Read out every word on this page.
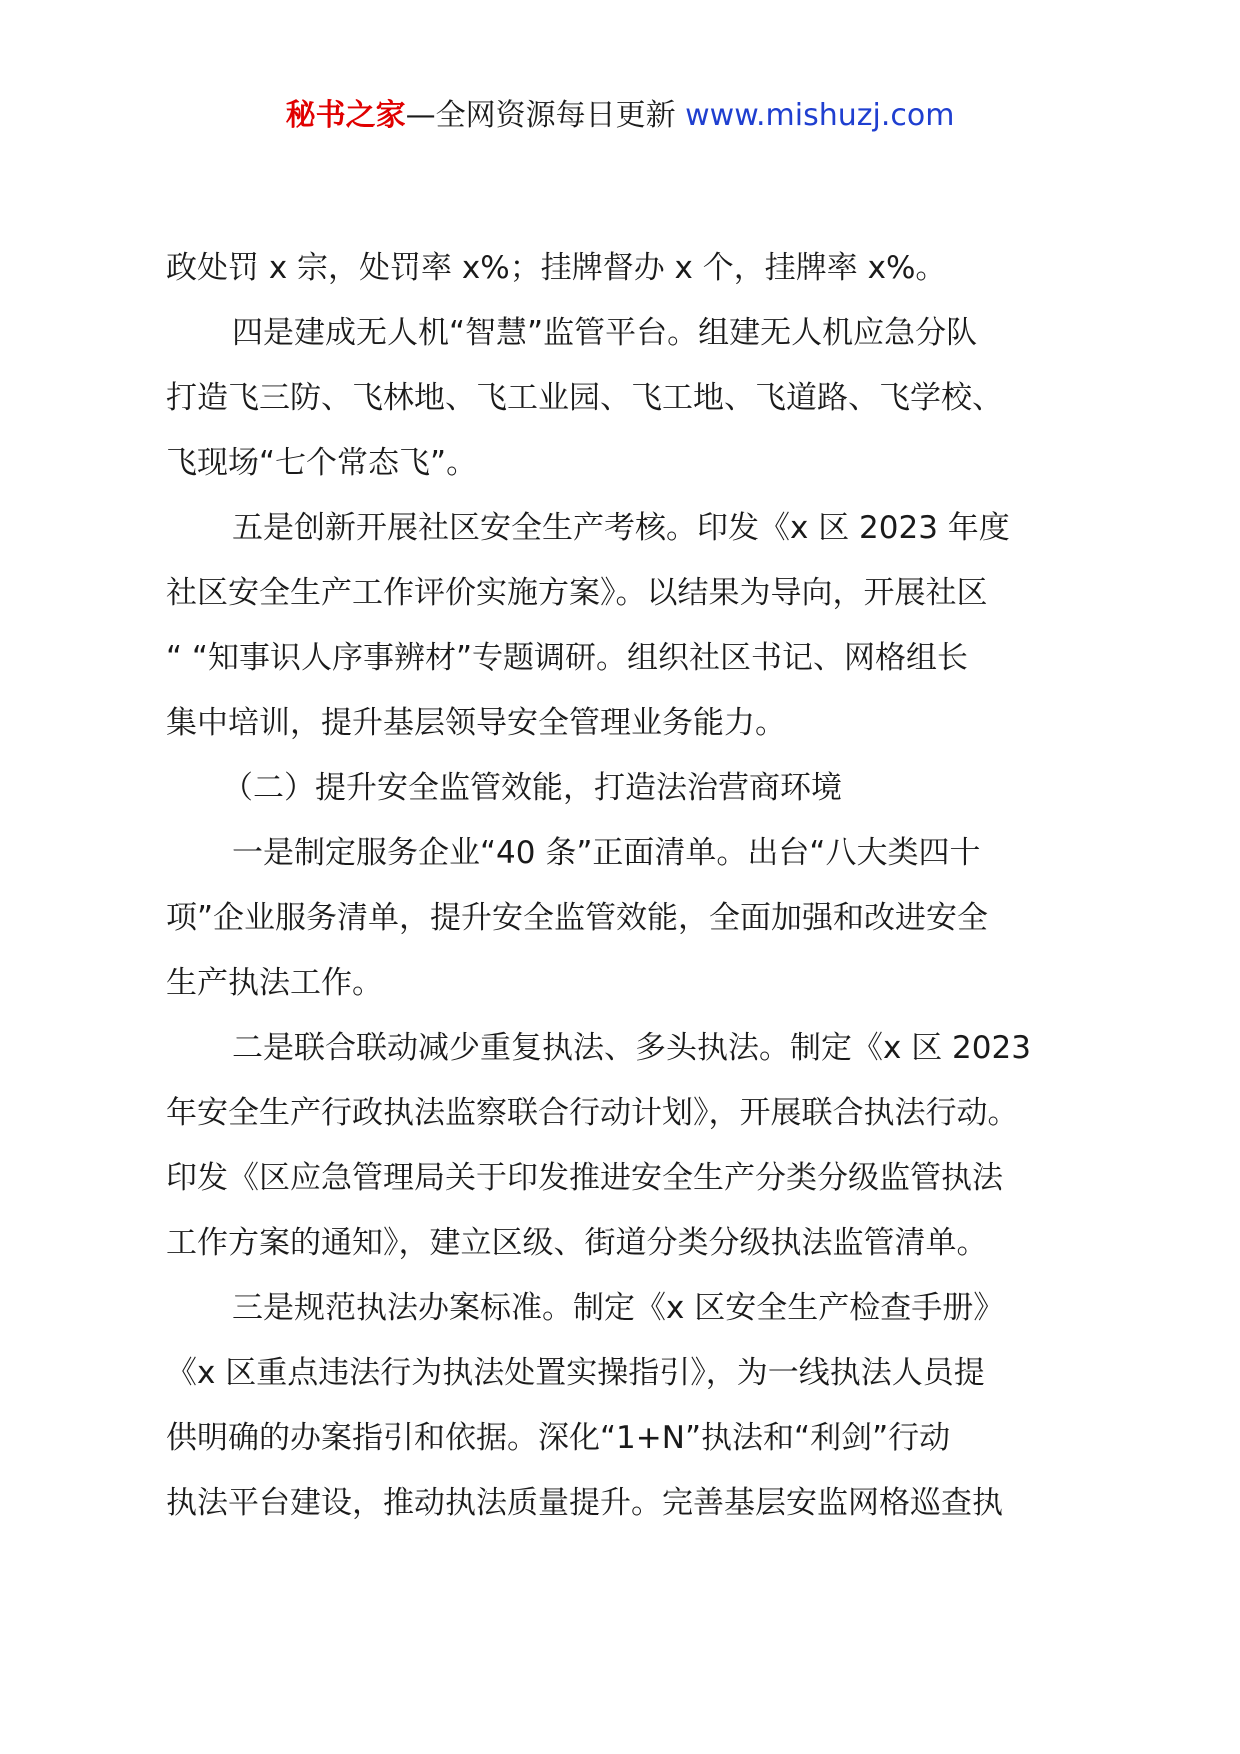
秘书之家—全网资源每日更新 www.mishuzj.com
政处罚 x 宗，处罚率 x%；挂牌督办 x 个，挂牌率 x%。
四是建成无人机“智慧”监管平台。组建无人机应急分队
打造飞三防、飞林地、飞工业园、飞工地、飞道路、飞学校、
飞现场“七个常态飞”。
五是创新开展社区安全生产考核。印发《x 区 2023 年度
社区安全生产工作评价实施方案》。以结果为导向，开展社区
“ “知事识人序事辨材”专题调研。组织社区书记、网格组长
集中培训，提升基层领导安全管理业务能力。
（二）提升安全监管效能，打造法治营商环境
一是制定服务企业“40 条”正面清单。出台“八大类四十
项”企业服务清单，提升安全监管效能，全面加强和改进安全
生产执法工作。
二是联合联动减少重复执法、多头执法。制定《x 区 2023
年安全生产行政执法监察联合行动计划》，开展联合执法行动。
印发《区应急管理局关于印发推进安全生产分类分级监管执法
工作方案的通知》，建立区级、街道分类分级执法监管清单。
三是规范执法办案标准。制定《x 区安全生产检查手册》
《x 区重点违法行为执法处置实操指引》，为一线执法人员提
供明确的办案指引和依据。深化“1+N”执法和“利剑”行动
执法平台建设，推动执法质量提升。完善基层安监网格巡查执
